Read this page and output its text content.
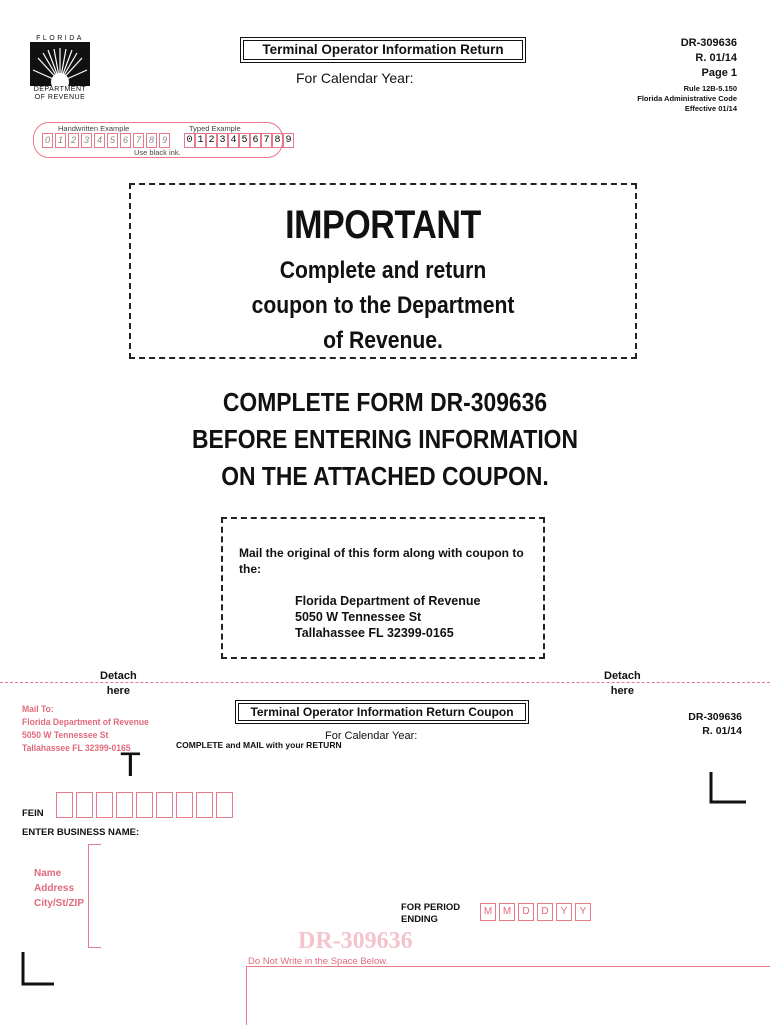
FLORIDA
DEPARTMENT
OF REVENUE
Terminal Operator Information Return
For Calendar Year:
DR-309636
R. 01/14
Page 1
Rule 12B-5.150
Florida Administrative Code
Effective 01/14
Handwritten Example	Typed Example
0 1 2 3 4 5 6 7 8 9	0 1 2 3 4 5 6 7 8 9
Use black ink.
IMPORTANT
Complete and return
coupon to the Department
of Revenue.
COMPLETE FORM DR-309636
BEFORE ENTERING INFORMATION
ON THE ATTACHED COUPON.
Mail the original of this form along with coupon to the:
Florida Department of Revenue
5050 W Tennessee St
Tallahassee FL 32399-0165
Detach
here
Detach
here
Mail To:
Florida Department of Revenue
5050 W Tennessee St
Tallahassee FL 32399-0165
Terminal Operator Information Return Coupon
For Calendar Year:
COMPLETE and MAIL with your RETURN
DR-309636
R. 01/14
T
FEIN
ENTER BUSINESS NAME:
Name
Address
City/St/ZIP	FOR PERIOD
ENDING
M	M	D	D	Y	Y
DR-309636
Do Not Write in the Space Below.
